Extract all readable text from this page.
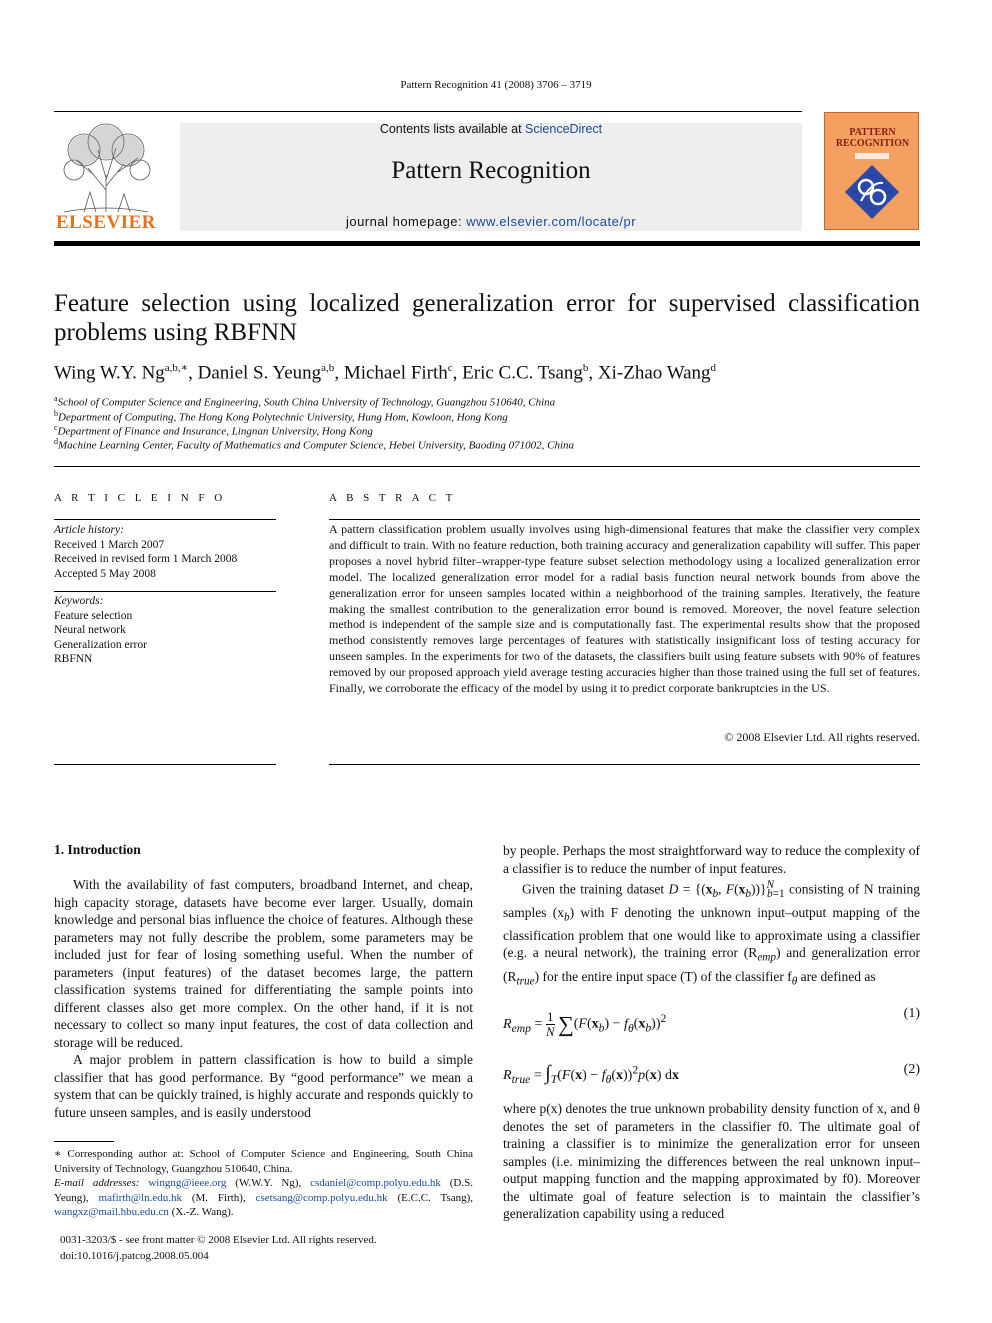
Pattern Recognition 41 (2008) 3706 – 3719
ELSEVIER
Contents lists available at ScienceDirect
Pattern Recognition
journal homepage: www.elsevier.com/locate/pr
PATTERN
RECOGNITION
Feature selection using localized generalization error for supervised classification problems using RBFNN
Wing W.Y. $Ng^{a,b,∗}$, Daniel S. Yeung$^{a,b}$, Michael Firth$^c$, Eric C.C. Tsang$^b$, Xi-Zhao Wang$^d$
$^a$School of Computer Science and Engineering, South China University of Technology, Guangzhou 510640, China
$^b$Department of Computing, The Hong Kong Polytechnic University, Hung Hom, Kowloon, Hong Kong
$^c$Department of Finance and Insurance, Lingnan University, Hong Kong
$^d$Machine Learning Center, Faculty of Mathematics and Computer Science, Hebei University, Baoding 071002, China
A R T I C L E I N F O
Article history:
Received 1 March 2007
Received in revised form 1 March 2008
Accepted 5 May 2008
Keywords:
Feature selection
Neural network
Generalization error
RBFNN
A B S T R A C T
A pattern classification problem usually involves using high-dimensional features that make the classifier very complex and difficult to train. With no feature reduction, both training accuracy and generalization capability will suffer. This paper proposes a novel hybrid filter–wrapper-type feature subset selection methodology using a localized generalization error model. The localized generalization error model for a radial basis function neural network bounds from above the generalization error for unseen samples located within a neighborhood of the training samples. Iteratively, the feature making the smallest contribution to the generalization error bound is removed. Moreover, the novel feature selection method is independent of the sample size and is computationally fast. The experimental results show that the proposed method consistently removes large percentages of features with statistically insignificant loss of testing accuracy for unseen samples. In the experiments for two of the datasets, the classifiers built using feature subsets with 90% of features removed by our proposed approach yield average testing accuracies higher than those trained using the full set of features. Finally, we corroborate the efficacy of the model by using it to predict corporate bankruptcies in the US.
© 2008 Elsevier Ltd. All rights reserved.
1. Introduction

With the availability of fast computers, broadband Internet, and cheap, high capacity storage, datasets have become ever larger. Usually, domain knowledge and personal bias influence the choice of features. Although these parameters may not fully describe the problem, some parameters may be included just for fear of losing something useful. When the number of parameters (input features) of the dataset becomes large, the pattern classification systems trained for differentiating the sample points into different classes also get more complex. On the other hand, if it is not necessary to collect so many input features, the cost of data collection and storage will be reduced.

A major problem in pattern classification is how to build a simple classifier that has good performance. By “good performance” we mean a system that can be quickly trained, is highly accurate and responds quickly to future unseen samples, and is easily understood

by people. Perhaps the most straightforward way to reduce the complexity of a classifier is to reduce the number of input features.

Given the training dataset $D = \{(x_b$, $F(x_b))\}^N_{b=1}$ consisting of N training samples $(x_b)$ with F denoting the unknown input–output mapping of the classification problem that one would like to approximate using a classifier (e.g. a neural network), the training error $(R_{emp})$ and generalization error $(R_{true})$ for the entire input space (T) of the classifier $f_\theta$ are defined as

$R_{emp} = \frac{1}{N} \sum(F(x_b) - f_\theta(x_b))^2$	(1)
$R_{true} = \int_T(F(x) - f_\theta(x))^2p(x)$ dx	(2)

where p(x) denotes the true unknown probability density function of x, and θ denotes the set of parameters in the classifier f0. The ultimate goal of training a classifier is to minimize the generalization error for unseen samples (i.e. minimizing the differences between the real unknown input–output mapping function and the mapping approximated by f0). Moreover the ultimate goal of feature selection is to maintain the classifier’s generalization capability using a reduced

∗ Corresponding author at: School of Computer Science and Engineering, South China University of Technology, Guangzhou 510640, China.
E-mail addresses: wingng@ieee.org (W.W.Y. Ng), csdaniel@comp.polyu.edu.hk (D.S. Yeung), mafirth@ln.edu.hk (M. Firth), csetsang@comp.polyu.edu.hk (E.C.C. Tsang), wangxz@mail.hbu.edu.cn (X.-Z. Wang).
0031-3203/$ - see front matter © 2008 Elsevier Ltd. All rights reserved.
doi:10.1016/j.patcog.2008.05.004
